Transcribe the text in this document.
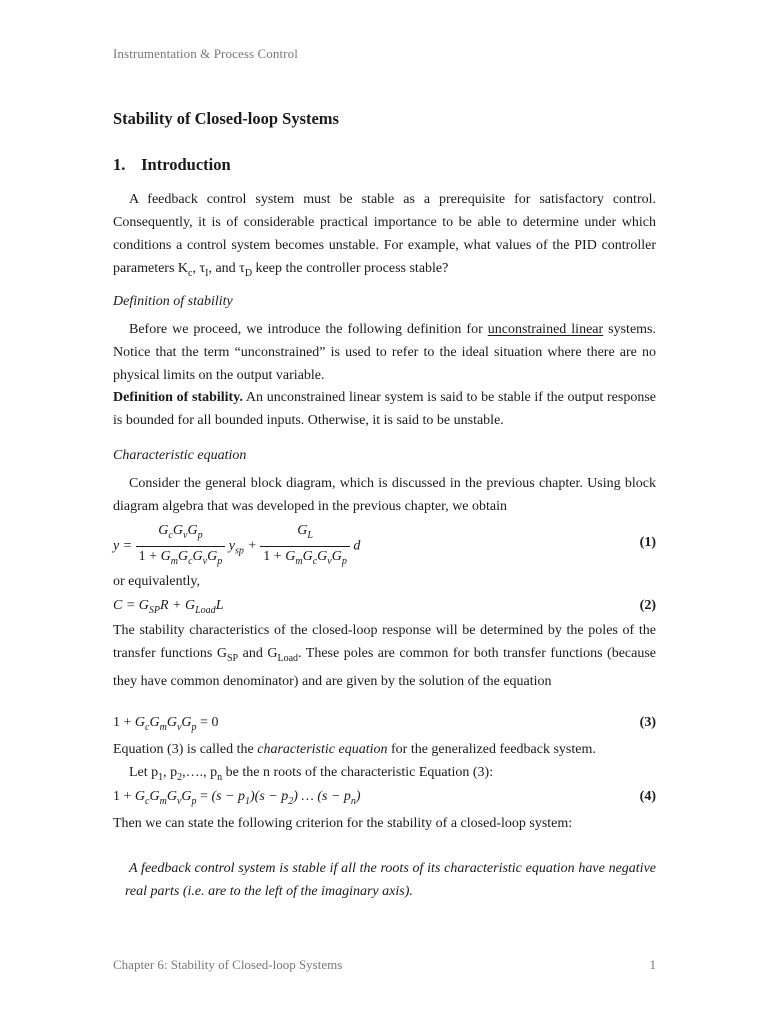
Instrumentation & Process Control
Stability of Closed-loop Systems
1. Introduction
A feedback control system must be stable as a prerequisite for satisfactory control. Consequently, it is of considerable practical importance to be able to determine under which conditions a control system becomes unstable. For example, what values of the PID controller parameters $K_c$, $\tau_I$, and $\tau_D$ keep the controller process stable?
Definition of stability
Before we proceed, we introduce the following definition for unconstrained linear systems. Notice that the term “unconstrained” is used to refer to the ideal situation where there are no physical limits on the output variable.
Definition of stability. An unconstrained linear system is said to be stable if the output response is bounded for all bounded inputs. Otherwise, it is said to be unstable.
Characteristic equation
Consider the general block diagram, which is discussed in the previous chapter. Using block diagram algebra that was developed in the previous chapter, we obtain
$y = \frac{G_cG_vG_p}{1 + G_mG_cG_vG_p} y_{sp} + \frac{G_L}{1 + G_mG_cG_vG_p}$ d	(1)
or equivalently,
$C = G_{SP}R + G_{Load}L$	(2)
The stability characteristics of the closed-loop response will be determined by the poles of the transfer functions $G_{SP}$ and $G_{Load}$. These poles are common for both transfer functions (because they have common denominator) and are given by the solution of the equation
$1 + G_cG_mG_vG_p = 0$	(3)
Equation (3) is called the characteristic equation for the generalized feedback system.
Let $p_1$, $p_2,\dots$., $p_n$ be the n roots of the characteristic Equation (3):
$1 + G_cG_mG_vG_p = (s - p_1)(s - p_2)$ … $(s - p_n)$	(4)
Then we can state the following criterion for the stability of a closed-loop system:
A feedback control system is stable if all the roots of its characteristic equation have negative real parts (i.e. are to the left of the imaginary axis).
Chapter 6: Stability of Closed-loop Systems	1
